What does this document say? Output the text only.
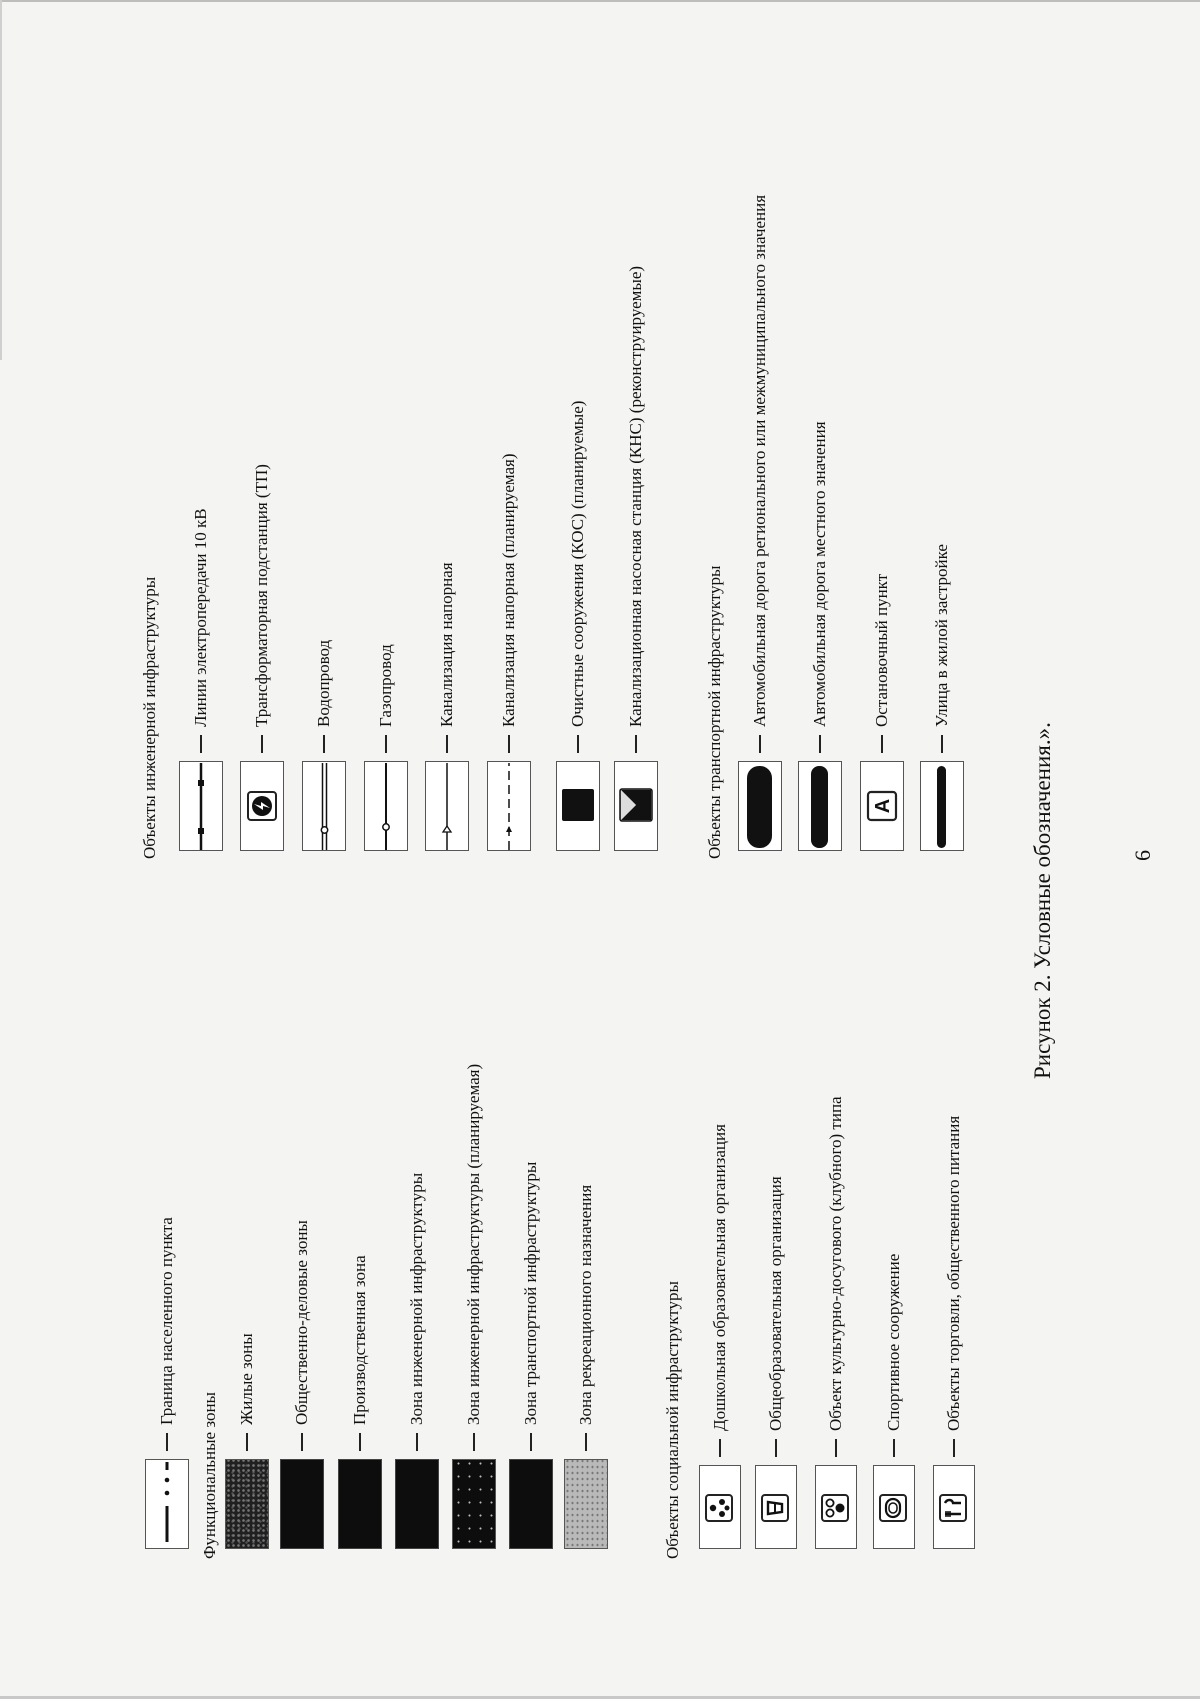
6
Рисунок 2. Условные обозначения.».
Граница населенного пункта
Функциональные зоны
Жилые зоны Общественно-деловые зоны Производственная зона Зона инженерной инфраструктуры Зона инженерной инфраструктуры (планируемая) Зона транспортной инфраструктуры Зона рекреационного назначения	Объекты социальной инфраструктуры Дошкольная образовательная организация Общеобразовательная организация Объект культурно-досугового (клубного) типа Спортивное сооружение Объекты торговли, общественного питания
Объекты инженерной инфраструктуры Линии электропередачи 10 кВ Трансформаторная подстанция (ТП)	Водопровод	Газопровод Канализация напорная	Канализация напорная (планируемая)	Очистные сооружения (КОС) (планируемые) Канализационная насосная станция (КНС) (реконструируемые)	Объекты транспортной инфраструктуры Автомобильная дорога регионального или межмуниципального значения Автомобильная дорога местного значения
A
Остановочный пункт Улица в жилой застройке
